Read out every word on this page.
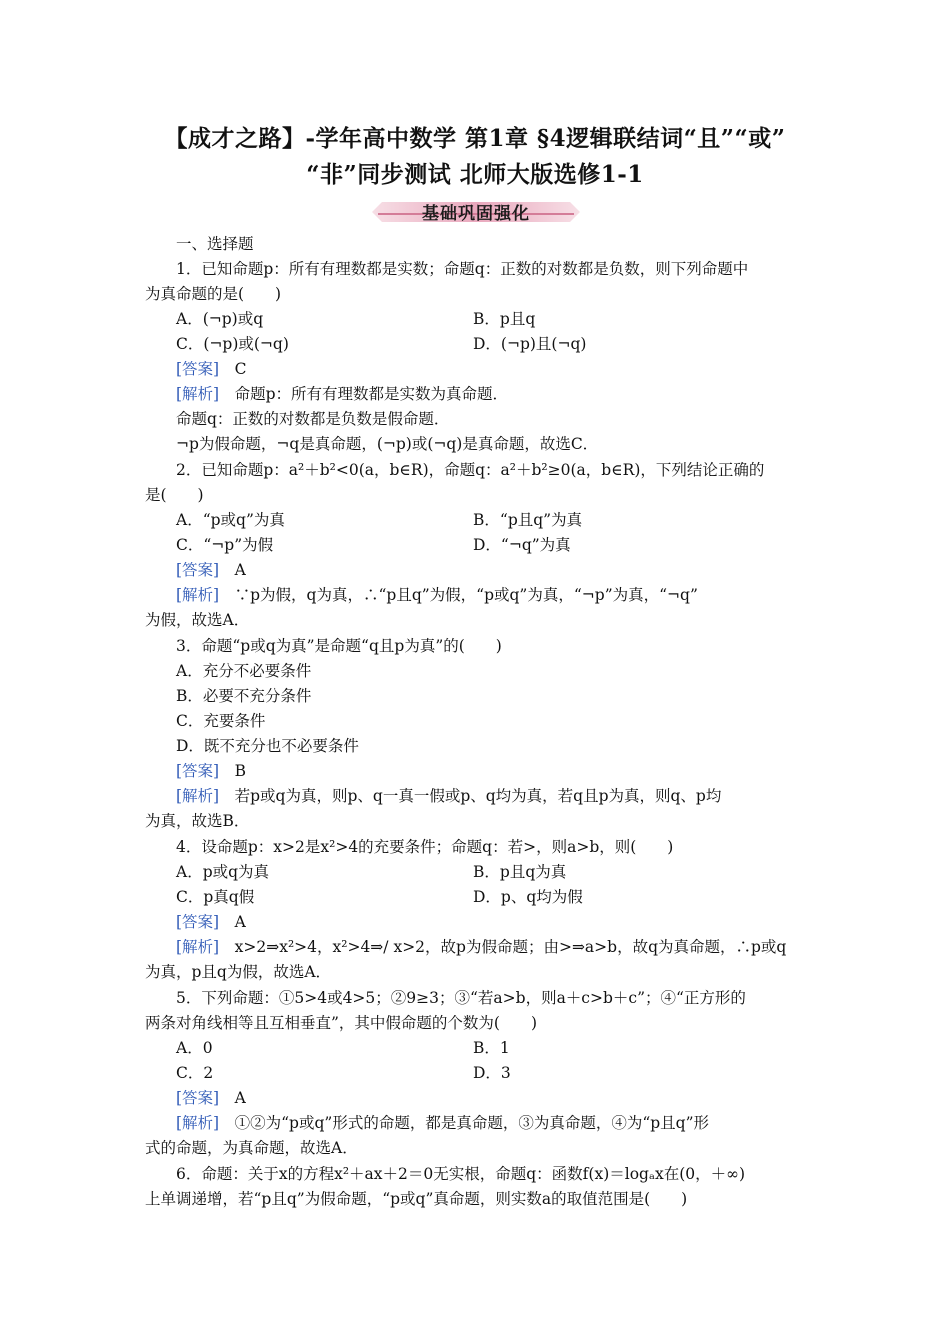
【成才之路】-学年高中数学 第1章 §4逻辑联结词“且”“或”
“非”同步测试 北师大版选修1-1
基础巩固强化
一、选择题
1．已知命题p：所有有理数都是实数；命题q：正数的对数都是负数，则下列命题中
为真命题的是(　　)
A．(¬p)或q	B．p且q
C．(¬p)或(¬q)	D．(¬p)且(¬q)
[答案]　 C
[解析]　 命题p：所有有理数都是实数为真命题．
命题q：正数的对数都是负数是假命题．
¬p为假命题，¬q是真命题，(¬p)或(¬q)是真命题，故选C．
2．已知命题p：a²＋b²<0(a，b∈R)，命题q：a²＋b²≥0(a，b∈R)，下列结论正确的
是(　　)
A．“p或q”为真	B．“p且q”为真
C．“¬p”为假	D．“¬q”为真
[答案]　 A
[解析]　 ∵p为假，q为真，∴“p且q”为假，“p或q”为真，“¬p”为真，“¬q”
为假，故选A．
3．命题“p或q为真”是命题“q且p为真”的(　　)
A．充分不必要条件
B．必要不充分条件
C．充要条件
D．既不充分也不必要条件
[答案]　 B
[解析]　 若p或q为真，则p、q一真一假或p、q均为真，若q且p为真，则q、p均
为真，故选B．
4．设命题p：x>2是x²>4的充要条件；命题q：若>，则a>b，则(　　)
A．p或q为真	B．p且q为真
C．p真q假	D．p、q均为假
[答案]　 A
[解析]　 x>2⇒x²>4，x²>4⇒/ x>2，故p为假命题；由>⇒a>b，故q为真命题，∴p或q
为真，p且q为假，故选A．
5．下列命题：①5>4或4>5；②9≥3；③“若a>b，则a＋c>b＋c”；④“正方形的
两条对角线相等且互相垂直”，其中假命题的个数为(　　)
A．0	B．1
C．2	D．3
[答案]　 A
[解析]　 ①②为“p或q”形式的命题，都是真命题，③为真命题，④为“p且q”形
式的命题，为真命题，故选A．
6．命题：关于x的方程x²＋ax＋2＝0无实根，命题q：函数f(x)＝logₐx在(0，＋∞)
上单调递增，若“p且q”为假命题，“p或q”真命题，则实数a的取值范围是(　　)
